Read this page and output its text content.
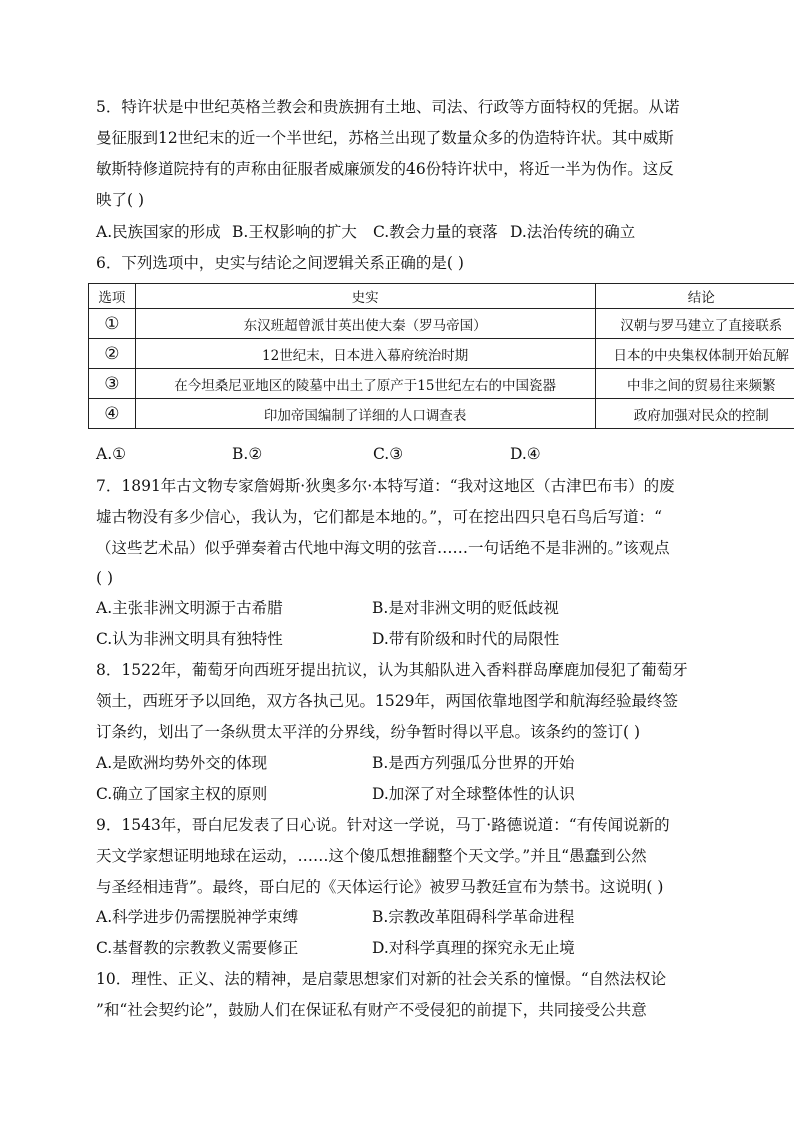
5．特许状是中世纪英格兰教会和贵族拥有土地、司法、行政等方面特权的凭据。从诺
曼征服到12世纪末的近一个半世纪，苏格兰出现了数量众多的伪造特许状。其中威斯
敏斯特修道院持有的声称由征服者威廉颁发的46份特许状中，将近一半为伪作。这反
映了( )
A.民族国家的形成 B.王权影响的扩大 C.教会力量的衰落 D.法治传统的确立
6．下列选项中，史实与结论之间逻辑关系正确的是( )
选项	史实	结论
①	东汉班超曾派甘英出使大秦（罗马帝国）	汉朝与罗马建立了直接联系
②	12世纪末，日本进入幕府统治时期	日本的中央集权体制开始瓦解
③	在今坦桑尼亚地区的陵墓中出土了原产于15世纪左右的中国瓷器	中非之间的贸易往来频繁
④	印加帝国编制了详细的人口调查表	政府加强对民众的控制
A.①	B.②	C.③	D.④
7．1891年古文物专家詹姆斯·狄奥多尔·本特写道：“我对这地区（古津巴布韦）的废
墟古物没有多少信心，我认为，它们都是本地的。”，可在挖出四只皂石鸟后写道：“
（这些艺术品）似乎弹奏着古代地中海文明的弦音……一句话绝不是非洲的。”该观点
( )
A.主张非洲文明源于古希腊	B.是对非洲文明的贬低歧视
C.认为非洲文明具有独特性	D.带有阶级和时代的局限性
8．1522年，葡萄牙向西班牙提出抗议，认为其船队进入香料群岛摩鹿加侵犯了葡萄牙
领土，西班牙予以回绝，双方各执己见。1529年，两国依靠地图学和航海经验最终签
订条约，划出了一条纵贯太平洋的分界线，纷争暂时得以平息。该条约的签订( )
A.是欧洲均势外交的体现	B.是西方列强瓜分世界的开始
C.确立了国家主权的原则	D.加深了对全球整体性的认识
9．1543年，哥白尼发表了日心说。针对这一学说，马丁·路德说道：“有传闻说新的
天文学家想证明地球在运动，……这个傻瓜想推翻整个天文学。”并且“愚蠢到公然
与圣经相违背”。最终，哥白尼的《天体运行论》被罗马教廷宣布为禁书。这说明( )
A.科学进步仍需摆脱神学束缚	B.宗教改革阻碍科学革命进程
C.基督教的宗教教义需要修正	D.对科学真理的探究永无止境
10．理性、正义、法的精神，是启蒙思想家们对新的社会关系的憧憬。“自然法权论
”和“社会契约论”，鼓励人们在保证私有财产不受侵犯的前提下，共同接受公共意
